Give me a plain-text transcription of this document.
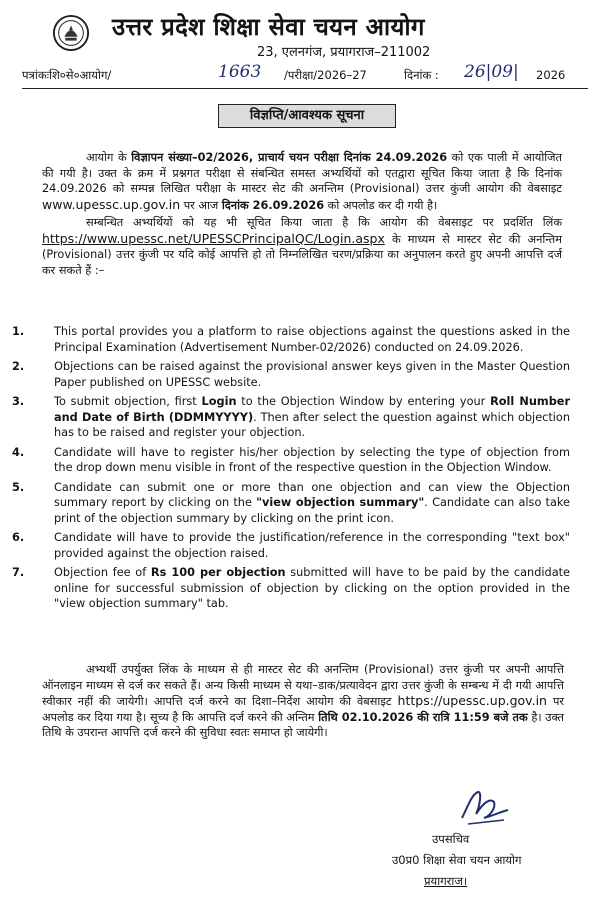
उत्तर प्रदेश शिक्षा सेवा चयन आयोग
23, एलनगंज, प्रयागराज–211002
पत्रांकःशि०से०आयोग/	1663 /परीक्षा/2026–27	दिनांक : 26|09| 2026
विज्ञप्ति/आवश्यक सूचना

आयोग के विज्ञापन संख्या–02/2026, प्राचार्य चयन परीक्षा दिनांक 24.09.2026 को एक पाली में आयोजित की गयी है। उक्त के क्रम में प्रश्नगत परीक्षा से संबन्धित समस्त अभ्यर्थियों को एतद्वारा सूचित किया जाता है कि दिनांक 24.09.2026 को सम्पन्न लिखित परीक्षा के मास्टर सेट की अनन्तिम (Provisional) उत्तर कुंजी आयोग की वेबसाइट www.upessc.up.gov.in पर आज दिनांक 26.09.2026 को अपलोड कर दी गयी है।

सम्बन्धित अभ्यर्थियों को यह भी सूचित किया जाता है कि आयोग की वेबसाइट पर प्रदर्शित लिंक https://www.upessc.net/UPESSCPrincipalQC/Login.aspx के माध्यम से मास्टर सेट की अनन्तिम (Provisional) उत्तर कुंजी पर यदि कोई आपत्ति हो तो निम्नलिखित चरण/प्रक्रिया का अनुपालन करते हुए अपनी आपत्ति दर्ज कर सकते हैं :–

1.	This portal provides you a platform to raise objections against the questions asked in the Principal Examination (Advertisement Number-02/2026) conducted on 24.09.2026.
2.	Objections can be raised against the provisional answer keys given in the Master Question Paper published on UPESSC website.
3.	To submit objection, first Login to the Objection Window by entering your Roll Number and Date of Birth (DDMMYYYY). Then after select the question against which objection has to be raised and register your objection.
4.	Candidate will have to register his/her objection by selecting the type of objection from the drop down menu visible in front of the respective question in the Objection Window.
5.	Candidate can submit one or more than one objection and can view the Objection summary report by clicking on the "view objection summary". Candidate can also take print of the objection summary by clicking on the print icon.
6.	Candidate will have to provide the justification/reference in the corresponding "text box" provided against the objection raised.
7.	Objection fee of Rs 100 per objection submitted will have to be paid by the candidate online for successful submission of objection by clicking on the option provided in the "view objection summary" tab.

अभ्यर्थी उपर्युक्त लिंक के माध्यम से ही मास्टर सेट की अनन्तिम (Provisional) उत्तर कुंजी पर अपनी आपत्ति ऑनलाइन माध्यम से दर्ज कर सकते हैं। अन्य किसी माध्यम से यथा–डाक/प्रत्यावेदन द्वारा उत्तर कुंजी के सम्बन्ध में दी गयी आपत्ति स्वीकार नहीं की जायेगी। आपत्ति दर्ज करने का दिशा–निर्देश आयोग की वेबसाइट https://upessc.up.gov.in पर अपलोड कर दिया गया है। सूच्य है कि आपत्ति दर्ज करने की अन्तिम तिथि 02.10.2026 की रात्रि 11:59 बजे तक है। उक्त तिथि के उपरान्त आपत्ति दर्ज करने की सुविधा स्वतः समाप्त हो जायेगी।

उपसचिव
उ0प्र0 शिक्षा सेवा चयन आयोग
प्रयागराज।
